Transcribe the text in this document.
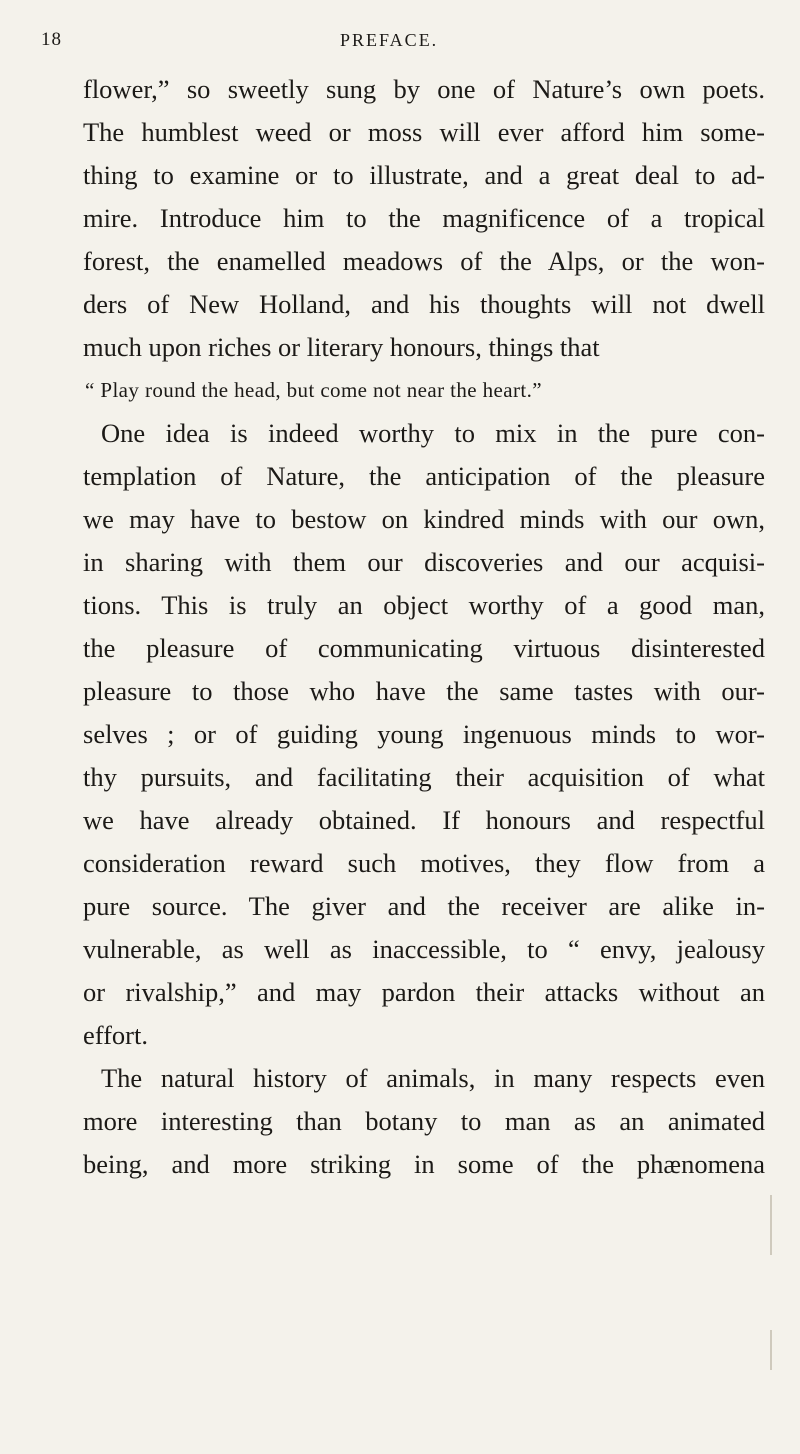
18	PREFACE.
flower,” so sweetly sung by one of Nature’s own poets.
The humblest weed or moss will ever afford him some-
thing to examine or to illustrate, and a great deal to ad-
mire. Introduce him to the magnificence of a tropical
forest, the enamelled meadows of the Alps, or the won-
ders of New Holland, and his thoughts will not dwell
much upon riches or literary honours, things that
“ Play round the head, but come not near the heart.”
One idea is indeed worthy to mix in the pure con-
templation of Nature, the anticipation of the pleasure
we may have to bestow on kindred minds with our own,
in sharing with them our discoveries and our acquisi-
tions. This is truly an object worthy of a good man,
the pleasure of communicating virtuous disinterested
pleasure to those who have the same tastes with our-
selves ; or of guiding young ingenuous minds to wor-
thy pursuits, and facilitating their acquisition of what
we have already obtained. If honours and respectful
consideration reward such motives, they flow from a
pure source. The giver and the receiver are alike in-
vulnerable, as well as inaccessible, to “ envy, jealousy
or rivalship,” and may pardon their attacks without an
effort.
The natural history of animals, in many respects even
more interesting than botany to man as an animated
being, and more striking in some of the phænomena
